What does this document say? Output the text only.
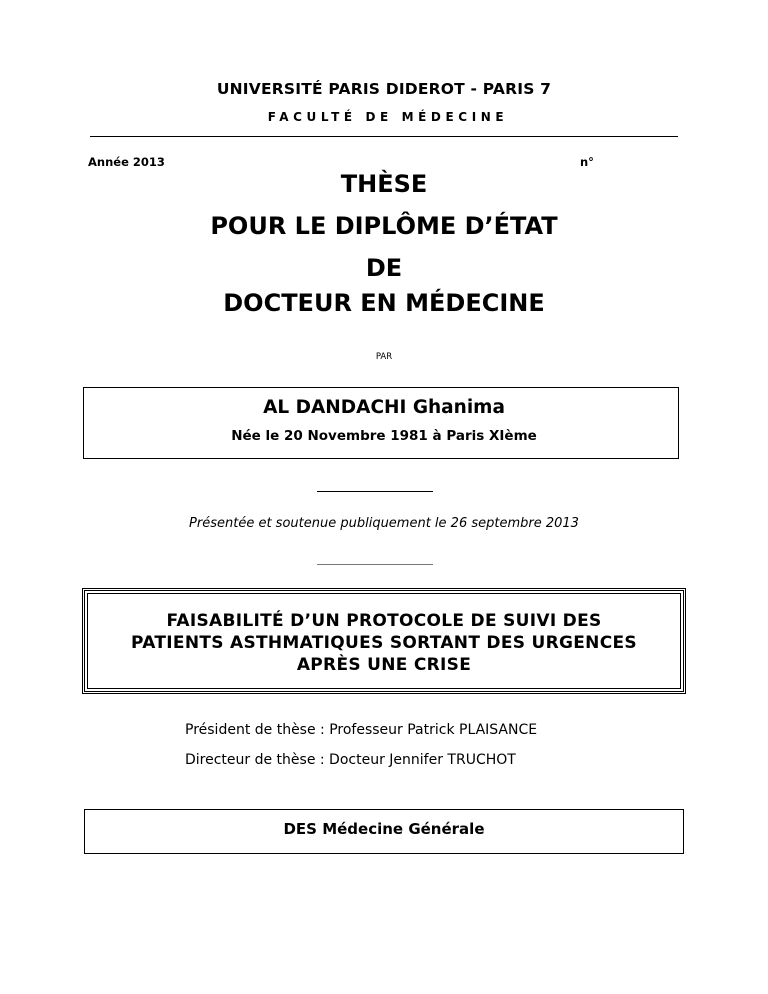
UNIVERSITÉ PARIS DIDEROT - PARIS 7
FACULTÉ DE MÉDECINE
Année 2013	n°
THÈSE
POUR LE DIPLÔME D’ÉTAT
DE
DOCTEUR EN MÉDECINE
PAR
AL DANDACHI Ghanima
Née le 20 Novembre 1981 à Paris XIème
Présentée et soutenue publiquement le 26 septembre 2013
FAISABILITÉ D’UN PROTOCOLE DE SUIVI DES
PATIENTS ASTHMATIQUES SORTANT DES URGENCES
APRÈS UNE CRISE
Président de thèse : Professeur Patrick PLAISANCE
Directeur de thèse : Docteur Jennifer TRUCHOT
DES Médecine Générale
